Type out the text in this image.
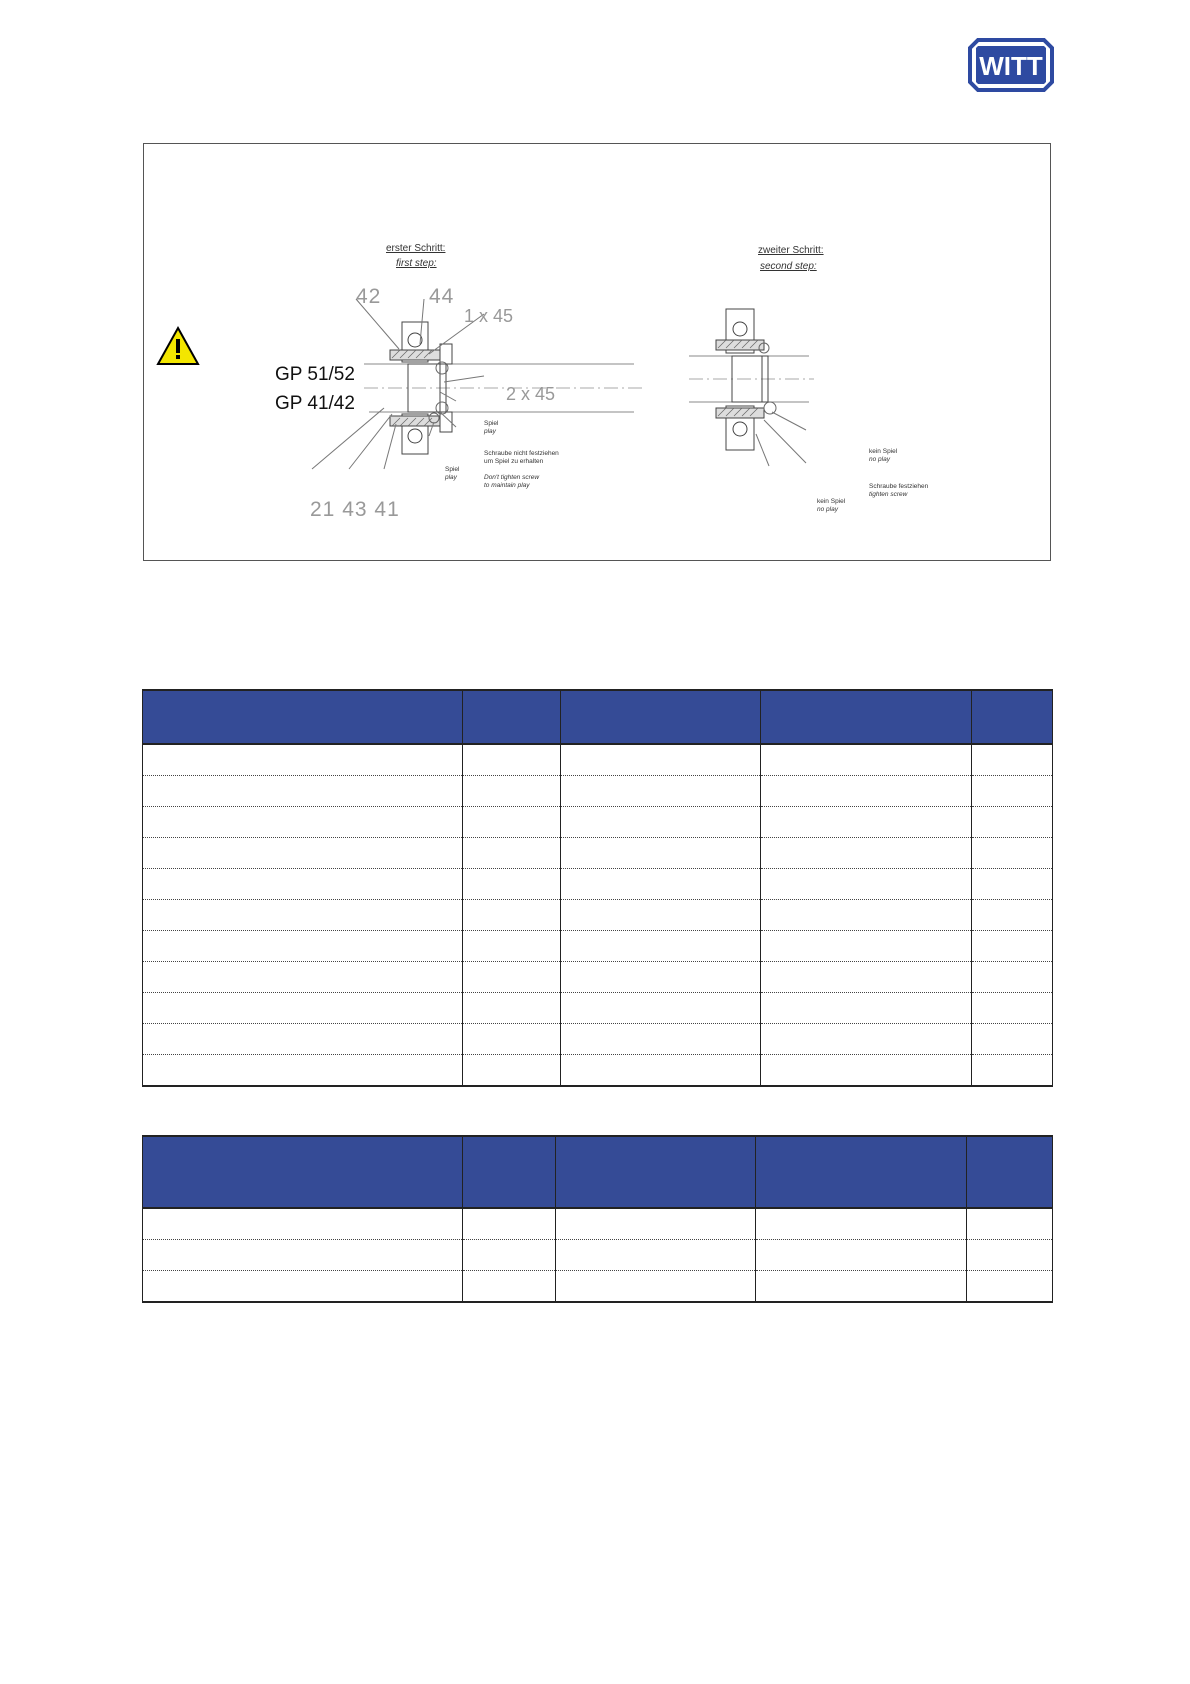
WITT
erster Schritt:
first step:
42 44
1 x 45
2 x 45
21 43 41
GP 51/52
GP 41/42
Spiel
play
Schraube nicht festziehen
um Spiel zu erhalten
Don't tighten screw
to maintain play
Spiel
play
zweiter Schritt:
second step:
kein Spiel
no play
Schraube festziehen
tighten screw
kein Spiel
no play
